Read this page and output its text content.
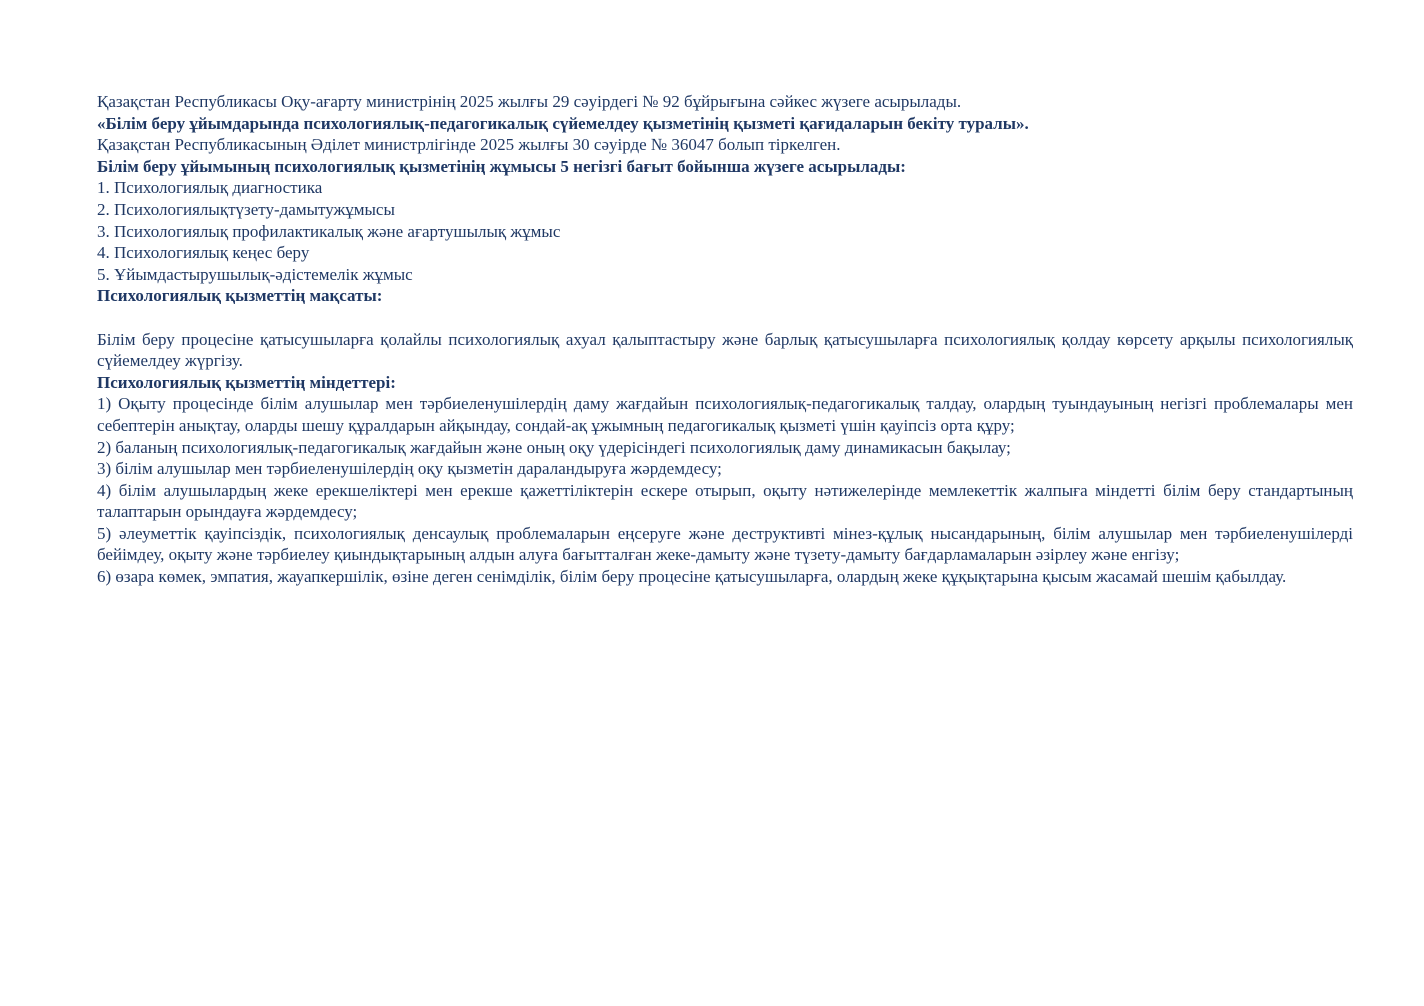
Қазақстан Республикасы Оқу-ағарту министрінің 2025 жылғы 29 сәуірдегі № 92 бұйрығына сәйкес жүзеге асырылады.

«Білім беру ұйымдарында психологиялық-педагогикалық сүйемелдеу қызметінің қызметі қағидаларын бекіту туралы».

Қазақстан Республикасының Әділет министрлігінде 2025 жылғы 30 сәуірде № 36047 болып тіркелген.

Білім беру ұйымының психологиялық қызметінің жұмысы 5 негізгі бағыт бойынша жүзеге асырылады:

1. Психологиялық диагностика

2. Психологиялықтүзету-дамытужұмысы

3. Психологиялық профилактикалық және ағартушылық жұмыс

4. Психологиялық кеңес беру

5. Ұйымдастырушылық-әдістемелік жұмыс

Психологиялық қызметтің мақсаты:

Білім беру процесіне қатысушыларға қолайлы психологиялық ахуал қалыптастыру және барлық қатысушыларға психологиялық қолдау көрсету арқылы психологиялық сүйемелдеу жүргізу.

Психологиялық қызметтің міндеттері:

1) Оқыту процесінде білім алушылар мен тәрбиеленушілердің даму жағдайын психологиялық-педагогикалық талдау, олардың туындауының негізгі проблемалары мен себептерін анықтау, оларды шешу құралдарын айқындау, сондай-ақ ұжымның педагогикалық қызметі үшін қауіпсіз орта құру;

2) баланың психологиялық-педагогикалық жағдайын және оның оқу үдерісіндегі психологиялық даму динамикасын бақылау;

3) білім алушылар мен тәрбиеленушілердің оқу қызметін дараландыруға жәрдемдесу;

4) білім алушылардың жеке ерекшеліктері мен ерекше қажеттіліктерін ескере отырып, оқыту нәтижелерінде мемлекеттік жалпыға міндетті білім беру стандартының талаптарын орындауға жәрдемдесу;

5) әлеуметтік қауіпсіздік, психологиялық денсаулық проблемаларын еңсеруге және деструктивті мінез-құлық нысандарының, білім алушылар мен тәрбиеленушілерді бейімдеу, оқыту және тәрбиелеу қиындықтарының алдын алуға бағытталған жеке-дамыту және түзету-дамыту бағдарламаларын әзірлеу және енгізу;

6) өзара көмек, эмпатия, жауапкершілік, өзіне деген сенімділік, білім беру процесіне қатысушыларға, олардың жеке құқықтарына қысым жасамай шешім қабылдау.
